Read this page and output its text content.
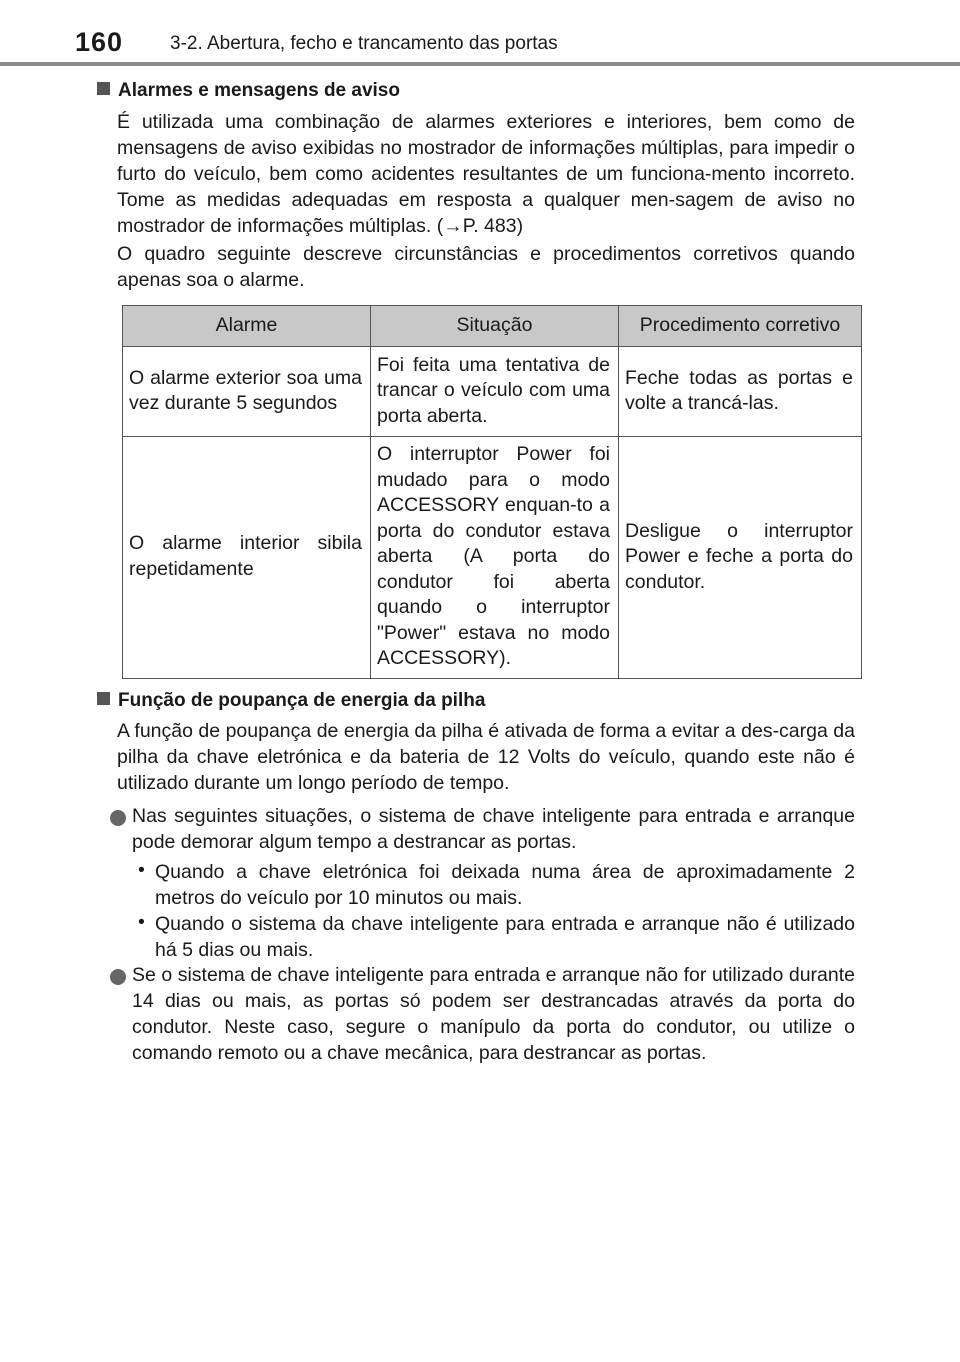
160 3-2. Abertura, fecho e trancamento das portas
Alarmes e mensagens de aviso
É utilizada uma combinação de alarmes exteriores e interiores, bem como de mensagens de aviso exibidas no mostrador de informações múltiplas, para impedir o furto do veículo, bem como acidentes resultantes de um funciona-mento incorreto. Tome as medidas adequadas em resposta a qualquer men-sagem de aviso no mostrador de informações múltiplas. (→P. 483)
O quadro seguinte descreve circunstâncias e procedimentos corretivos quando apenas soa o alarme.
Alarme	Situação	Procedimento corretivo
O alarme exterior soa uma vez durante 5 segundos	Foi feita uma tentativa de trancar o veículo com uma porta aberta.	Feche todas as portas e volte a trancá-las.
O alarme interior sibila repetidamente	O interruptor Power foi mudado para o modo ACCESSORY enquan-to a porta do condutor estava aberta (A porta do condutor foi aberta quando o interruptor "Power" estava no modo ACCESSORY).	Desligue o interruptor Power e feche a porta do condutor.
Função de poupança de energia da pilha
A função de poupança de energia da pilha é ativada de forma a evitar a des-carga da pilha da chave eletrónica e da bateria de 12 Volts do veículo, quando este não é utilizado durante um longo período de tempo.
Nas seguintes situações, o sistema de chave inteligente para entrada e arranque pode demorar algum tempo a destrancar as portas.
• Quando a chave eletrónica foi deixada numa área de aproximadamente 2 metros do veículo por 10 minutos ou mais.
• Quando o sistema da chave inteligente para entrada e arranque não é utilizado há 5 dias ou mais.
Se o sistema de chave inteligente para entrada e arranque não for utilizado durante 14 dias ou mais, as portas só podem ser destrancadas através da porta do condutor. Neste caso, segure o manípulo da porta do condutor, ou utilize o comando remoto ou a chave mecânica, para destrancar as portas.
